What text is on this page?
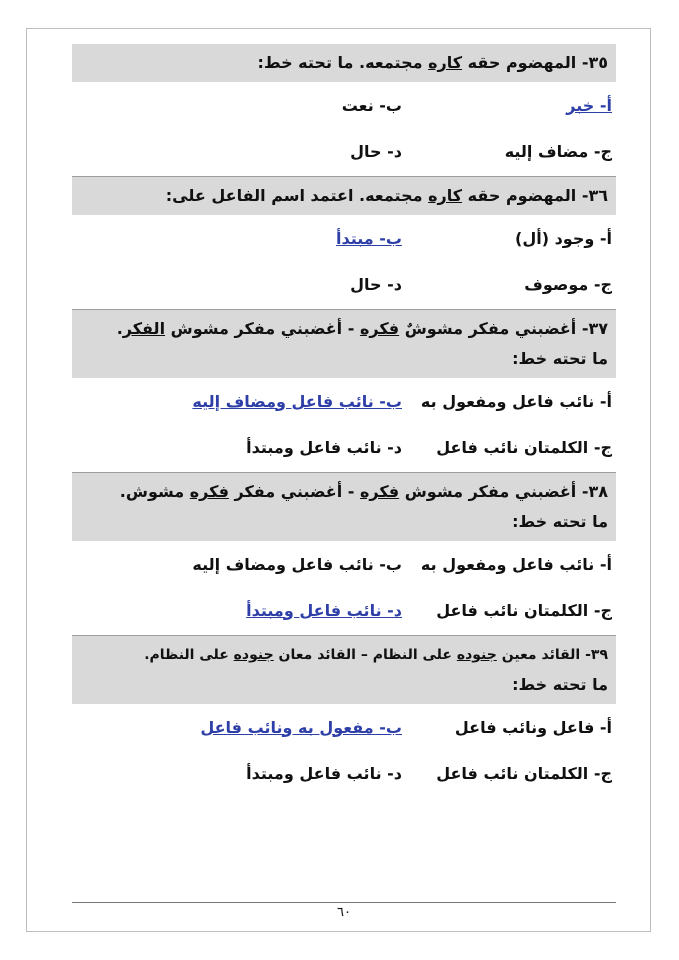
٣٥- المهضوم حقه كاره مجتمعه. ما تحته خط:
أ- خبر
ب- نعت
ج- مضاف إليه
د- حال
٣٦- المهضوم حقه كاره مجتمعه. اعتمد اسم الفاعل على:
أ- وجود (أل)
ب- مبتدأ
ج- موصوف
د- حال
٣٧- أغضبني مفكر مشوشٌ فكره - أغضبني مفكر مشوش الفكر.
ما تحته خط:
أ- نائب فاعل ومفعول به
ب- نائب فاعل ومضاف إليه
ج- الكلمتان نائب فاعل
د- نائب فاعل ومبتدأ
٣٨- أغضبني مفكر مشوش فكره - أغضبني مفكر فكره مشوش.
ما تحته خط:
أ- نائب فاعل ومفعول به
ب- نائب فاعل ومضاف إليه
ج- الكلمتان نائب فاعل
د- نائب فاعل ومبتدأ
٣٩- القائد معين جنوده على النظام – القائد معان جنوده على النظام.
ما تحته خط:
أ- فاعل ونائب فاعل
ب- مفعول به ونائب فاعل
ج- الكلمتان نائب فاعل
د- نائب فاعل ومبتدأ
٦٠
